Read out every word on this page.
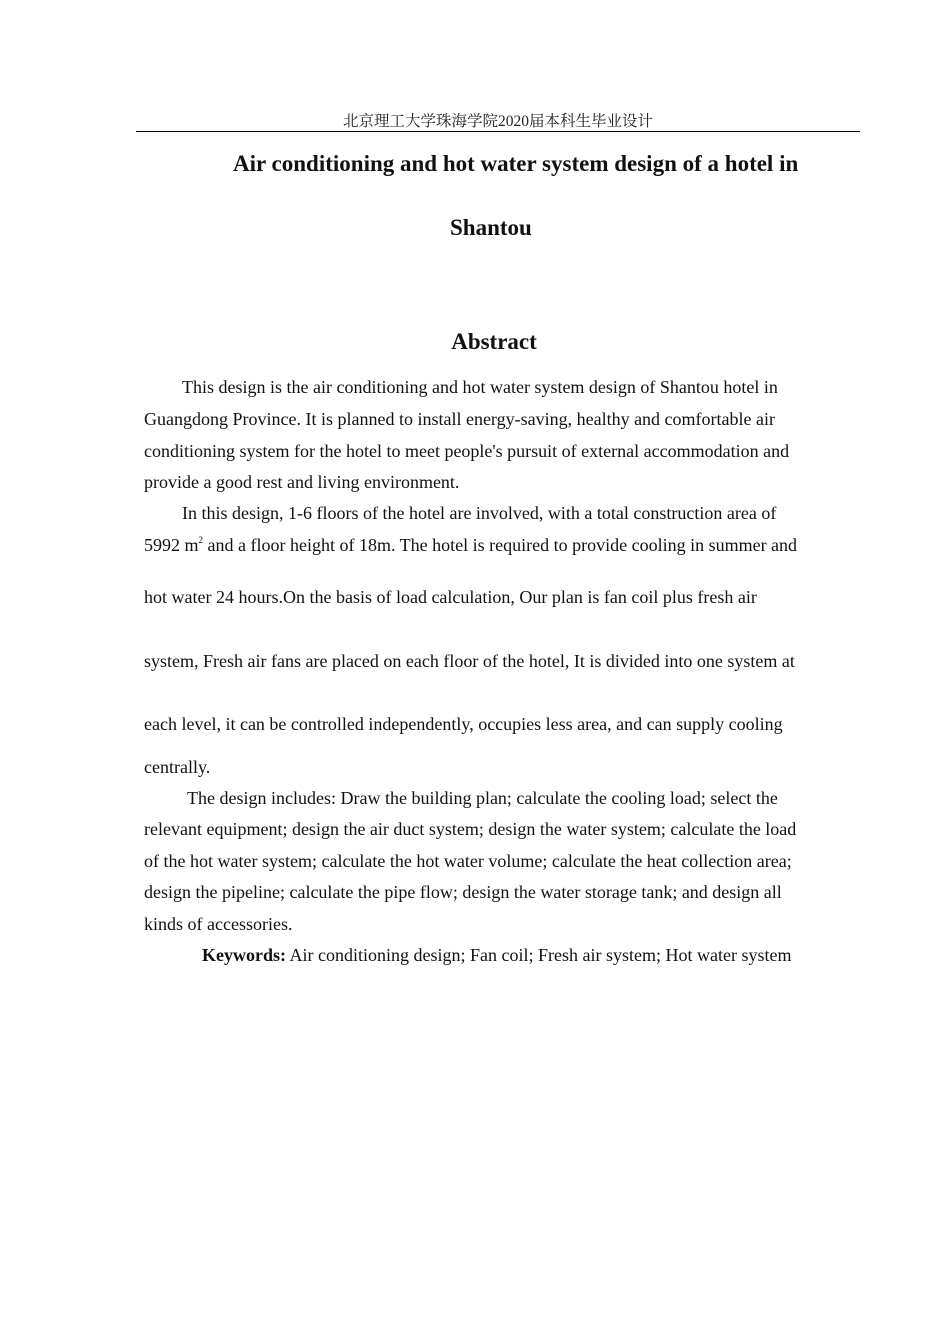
北京理工大学珠海学院2020届本科生毕业设计
Air conditioning and hot water system design of a hotel in
Shantou
Abstract
This design is the air conditioning and hot water system design of Shantou hotel in
Guangdong Province. It is planned to install energy-saving, healthy and comfortable air
conditioning system for the hotel to meet people's pursuit of external accommodation and
provide a good rest and living environment.
In this design, 1-6 floors of the hotel are involved, with a total construction area of
5992 $m^2$ and a floor height of 18m. The hotel is required to provide cooling in summer and
hot water 24 hours.On the basis of load calculation, Our plan is fan coil plus fresh air
system, Fresh air fans are placed on each floor of the hotel, It is divided into one system at
each level, it can be controlled independently, occupies less area, and can supply cooling
centrally.
The design includes: Draw the building plan; calculate the cooling load; select the
relevant equipment; design the air duct system; design the water system; calculate the load
of the hot water system; calculate the hot water volume; calculate the heat collection area;
design the pipeline; calculate the pipe flow; design the water storage tank; and design all
kinds of accessories.
Keywords: Air conditioning design; Fan coil; Fresh air system; Hot water system
